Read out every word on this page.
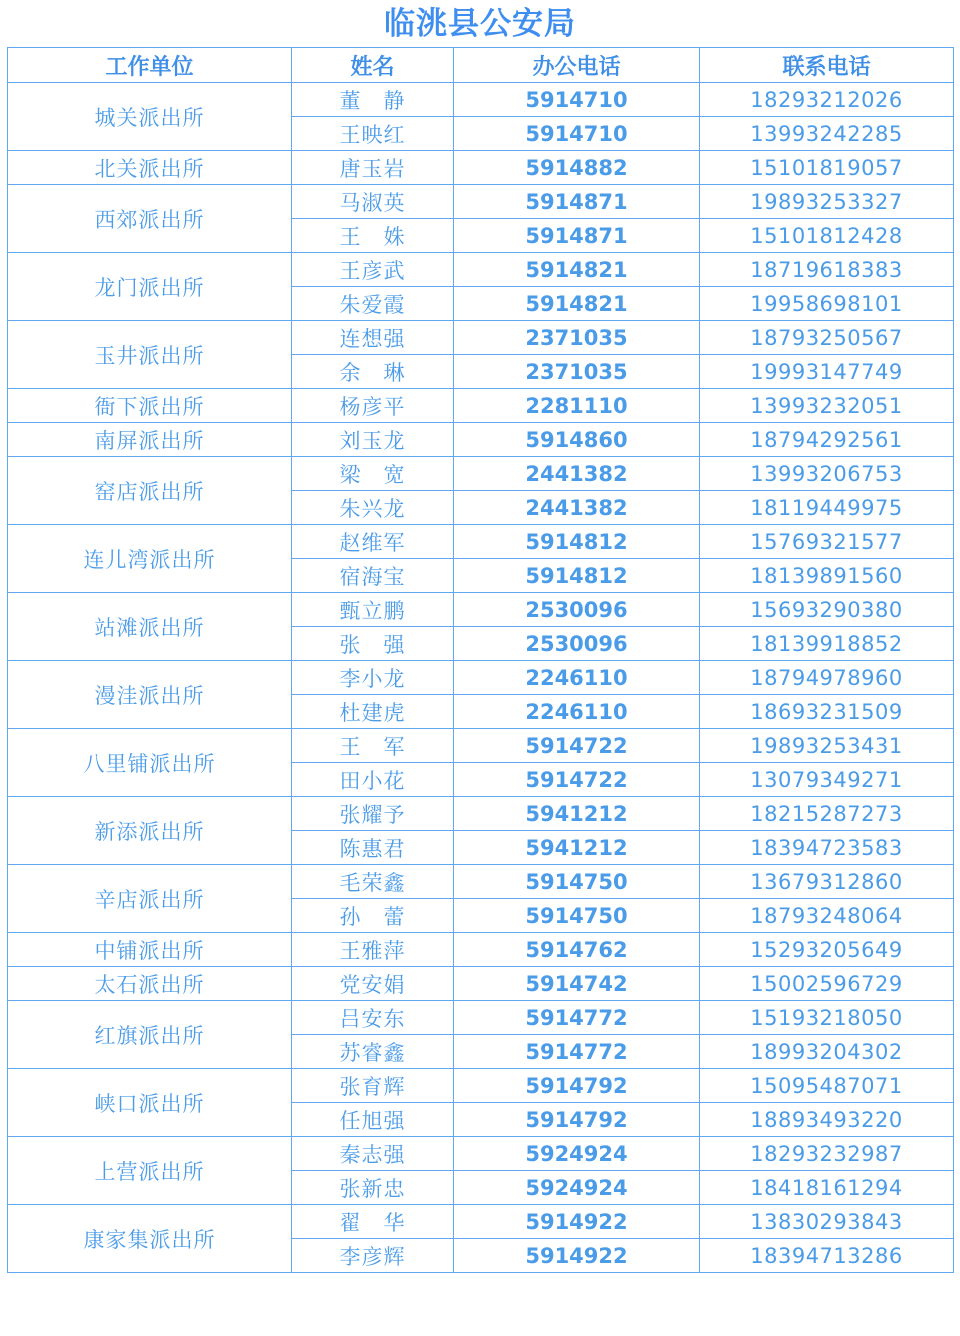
临洮县公安局
工作单位	姓名	办公电话	联系电话
城关派出所	董　静	5914710	18293212026
	王映红	5914710	13993242285
北关派出所	唐玉岩	5914882	15101819057
西郊派出所	马淑英	5914871	19893253327
	王　姝	5914871	15101812428
龙门派出所	王彦武	5914821	18719618383
	朱爱霞	5914821	19958698101
玉井派出所	连想强	2371035	18793250567
	余　琳	2371035	19993147749
衙下派出所	杨彦平	2281110	13993232051
南屏派出所	刘玉龙	5914860	18794292561
窑店派出所	梁　宽	2441382	13993206753
	朱兴龙	2441382	18119449975
连儿湾派出所	赵维军	5914812	15769321577
	宿海宝	5914812	18139891560
站滩派出所	甄立鹏	2530096	15693290380
	张　强	2530096	18139918852
漫洼派出所	李小龙	2246110	18794978960
	杜建虎	2246110	18693231509
八里铺派出所	王　军	5914722	19893253431
	田小花	5914722	13079349271
新添派出所	张耀予	5941212	18215287273
	陈惠君	5941212	18394723583
辛店派出所	毛荣鑫	5914750	13679312860
	孙　蕾	5914750	18793248064
中铺派出所	王雅萍	5914762	15293205649
太石派出所	党安娟	5914742	15002596729
红旗派出所	吕安东	5914772	15193218050
	苏睿鑫	5914772	18993204302
峡口派出所	张育辉	5914792	15095487071
	任旭强	5914792	18893493220
上营派出所	秦志强	5924924	18293232987
	张新忠	5924924	18418161294
康家集派出所	翟　华	5914922	13830293843
	李彦辉	5914922	18394713286
